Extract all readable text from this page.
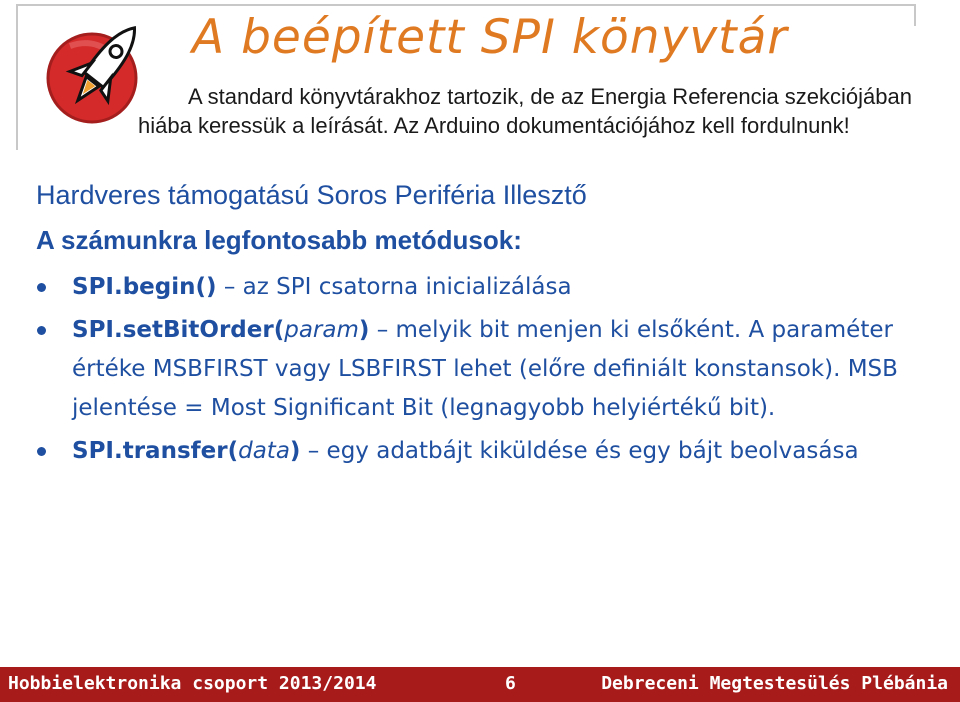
A beépített SPI könyvtár
A standard könyvtárakhoz tartozik, de az Energia Referencia szekciójában
hiába keressük a leírását. Az Arduino dokumentációjához kell fordulnunk!
Hardveres támogatású Soros Periféria Illesztő
A számunkra legfontosabb metódusok:
SPI.begin() – az SPI csatorna inicializálása
SPI.setBitOrder(param) – melyik bit menjen ki elsőként. A paraméter értéke MSBFIRST vagy LSBFIRST lehet (előre definiált konstansok). MSB jelentése = Most Significant Bit (legnagyobb helyiértékű bit).
SPI.transfer(data) – egy adatbájt kiküldése és egy bájt beolvasása
Hobbielektronika csoport 2013/2014	6	Debreceni Megtestesülés Plébánia
